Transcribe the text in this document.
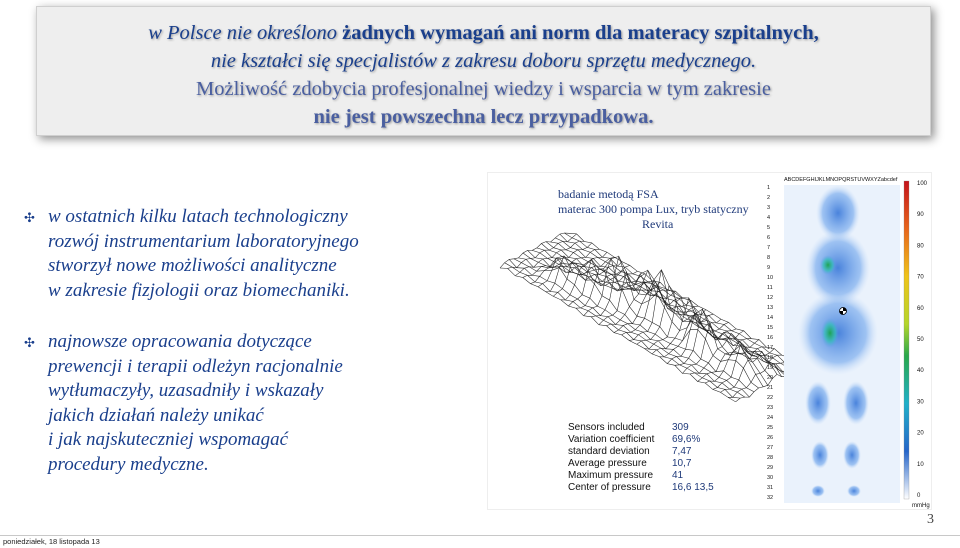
w Polsce nie określono żadnych wymagań ani norm dla materacy szpitalnych,
nie kształci się specjalistów z zakresu doboru sprzętu medycznego.
Możliwość zdobycia profesjonalnej wiedzy i wsparcia w tym zakresie
nie jest powszechna lecz przypadkowa.
✣ w ostatnich kilku latach technologiczny
rozwój instrumentarium laboratoryjnego
stworzył nowe możliwości analityczne
w zakresie fizjologii oraz biomechaniki.
✣ najnowsze opracowania dotyczące
prewencji i terapii odleżyn racjonalnie
wytłumaczyły, uzasadniły i wskazały
jakich działań należy unikać
i jak najskuteczniej wspomagać
procedury medyczne.
badanie metodą FSA
materac 300 pompa Lux, tryb statyczny
Revita
Sensors included	309
Variation coefficient 69,6%
standard deviation 7,47
Average pressure	10,7
Maximum pressure 41
Center of pressure 16,6 13,5
ABCDEFGHIJKLMNOPQRSTUVWXYZabcdef
1
2
3
4
5
6
7
8
9
10
11
12
13
14
15
16
17
18
19
20
21
22
23
24
25
26
27
28
29
30
31
32
100
90
80
70
60
50
40
30
20
10
0
mmHg
3
poniedziałek, 18 listopada 13
